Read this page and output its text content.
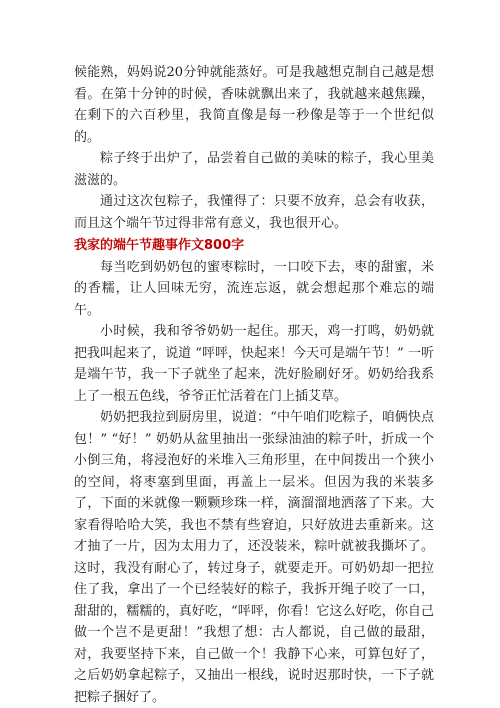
候能熟，妈妈说20分钟就能蒸好。可是我越想克制自己越是想看。在第十分钟的时候，香味就飘出来了，我就越来越焦躁，在剩下的六百秒里，我简直像是每一秒像是等于一个世纪似的。

粽子终于出炉了，品尝着自己做的美味的粽子，我心里美滋滋的。

通过这次包粽子，我懂得了：只要不放弃，总会有收获，而且这个端午节过得非常有意义，我也很开心。

我家的端午节趣事作文800字

每当吃到奶奶包的蜜枣粽时，一口咬下去，枣的甜蜜，米的香糯，让人回味无穷，流连忘返，就会想起那个难忘的端午。

小时候，我和爷爷奶奶一起住。那天，鸡一打鸣，奶奶就把我叫起来了，说道 “呯呯，快起来！今天可是端午节！” 一听是端午节，我一下子就坐了起来，洗好脸刷好牙。奶奶给我系上了一根五色线，爷爷正忙活着在门上插艾草。

奶奶把我拉到厨房里，说道：“中午咱们吃粽子，咱俩快点包！” “好！” 奶奶从盆里抽出一张绿油油的粽子叶，折成一个小倒三角，将浸泡好的米堆入三角形里，在中间拨出一个狭小的空间，将枣塞到里面，再盖上一层米。但因为我的米装多了，下面的米就像一颗颗珍珠一样，滴溜溜地洒落了下来。大家看得哈哈大笑，我也不禁有些窘迫，只好放进去重新来。这才抽了一片，因为太用力了，还没装米，粽叶就被我撕坏了。这时，我没有耐心了，转过身子，就要走开。可奶奶却一把拉住了我，拿出了一个已经装好的粽子，我拆开绳子咬了一口，甜甜的，糯糯的，真好吃，“呯呯，你看！它这么好吃，你自己做一个岂不是更甜！”我想了想：古人都说，自己做的最甜，对，我要坚持下来，自己做一个！我静下心来，可算包好了，之后奶奶拿起粽子，又抽出一根线，说时迟那时快，一下子就把粽子捆好了。
